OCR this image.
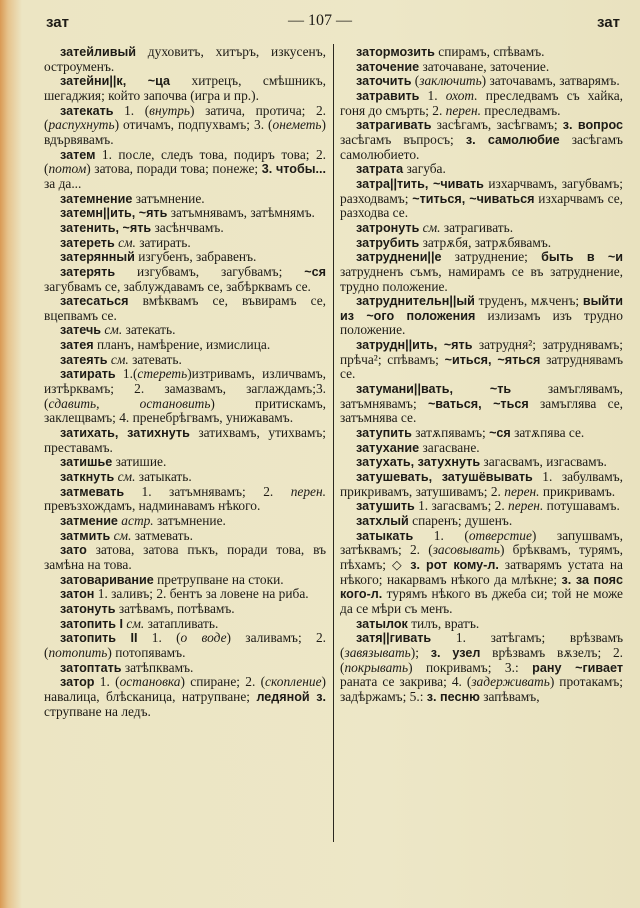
зат	— 107 —	зат

затейливый духовитъ, хитъръ, изкусенъ, остроуменъ.

затейни||к, ~ца хитрецъ, смѣшникъ, шегаджия; който започва (игра и пр.).

затекать 1. (внутрь) затича, протича; 2. (распухнуть) отичамъ, подпухвамъ; 3. (онеметь) вдървявамъ.

затем 1. после, следъ това, подиръ това; 2. (потом) затова, поради това; понеже; 3. чтобы... за да...

затемнение затъмнение.

затемн||ить, ~ять затъмнявамъ, затѣмнямъ.

затенить, ~ять засѣнчвамъ.

затереть см. затирать.

затерянный изгубенъ, забравенъ.

затерять изгубвамъ, загубвамъ; ~ся загубвамъ се, заблуждавамъ се, забѣрквамъ се.

затесаться вмѣквамъ се, въвирамъ се, вцепвамъ се.

затечь см. затекать.

затея планъ, намѣрение, измислица.

затеять см. затевать.

затирать 1.(стереть)изтривамъ, изличвамъ, изтѣрквамъ; 2. замазвамъ, заглаждамъ;3. (сдавить, остановить) притискамъ, заклещвамъ; 4. пренебрѣгвамъ, унижавамъ.

затихать, затихнуть затихвамъ, утихвамъ; преставамъ.

затишье затишие.

заткнуть см. затыкать.

затмевать 1. затъмнявамъ; 2. перен. превъзхождамъ, надминавамъ нѣкого.

затмение астр. затъмнение.

затмить см. затмевать.

зато затова, затова пъкъ, поради това, въ замѣна на това.

затоваривание претрупване на стоки.

затон 1. заливъ; 2. бентъ за ловене на риба.

затонуть затѣвамъ, потѣвамъ.

затопить I см. затапливать.

затопить II 1. (о воде) заливамъ; 2. (потопить) потопявамъ.

затоптать затѣпквамъ.

затор 1. (остановка) спиране; 2. (скопление) навалица, блѣсканица, натрупване; ледяной з. струпване на ледъ.

затормозить спирамъ, спѣвамъ.

заточение заточаване, заточение.

заточить (заключить) заточавамъ, затварямъ.

затравить 1. охот. преследвамъ съ хайка, гоня до смърть; 2. перен. преследвамъ.

затрагивать засѣгамъ, засѣгвамъ; з. вопрос засѣгамъ въпросъ; з. самолюбие засѣгамъ самолюбието.

затрата загуба.

затра||тить, ~чивать изхарчвамъ, загубвамъ; разходвамъ; ~титься, ~чиваться изхарчвамъ се, разходва се.

затронуть см. затрагивать.

затрубить затрѫбя, затрѫбявамъ.

затруднени||е затруднение; быть в ~и затрудненъ съмъ, намирамъ се въ затруднение, трудно положение.

затруднительн||ый труденъ, мѫченъ; выйти из ~ого положения излизамъ изъ трудно положение.

затрудн||ить, ~ять затрудня²; затруднявамъ; прѣча²; спѣвамъ; ~иться, ~яться затруднявамъ се.

затумани||вать, ~ть замъглявамъ, затъмнявамъ; ~ваться, ~ться замъглява се, затъмнява се.

затупить затѫпявамъ; ~ся затѫпява се.

затухание загасване.

затухать, затухнуть загасвамъ, изгасвамъ.

затушевать, затушёвывать 1. забулвамъ, прикривамъ, затушивамъ; 2. перен. прикривамъ.

затушить 1. загасвамъ; 2. перен. потушавамъ.

затхлый спаренъ; душенъ.

затыкать 1. (отверстие) запушвамъ, затѣквамъ; 2. (засовывать) брѣквамъ, турямъ, пѣхамъ; ◇ з. рот кому-л. затварямъ устата на нѣкого; накарвамъ нѣкого да млѣкне; з. за пояс кого-л. турямъ нѣкого въ джеба си; той не може да се мѣри съ менъ.

затылок тилъ, вратъ.

затя||гивать 1. затѣгамъ; врѣзвамъ (завязывать); з. узел врѣзвамъ вѫзелъ; 2. (покрывать) покривамъ; 3.: рану ~гивает раната се закрива; 4. (задерживать) протакамъ; задѣржамъ; 5.: з. песню запѣвамъ,
